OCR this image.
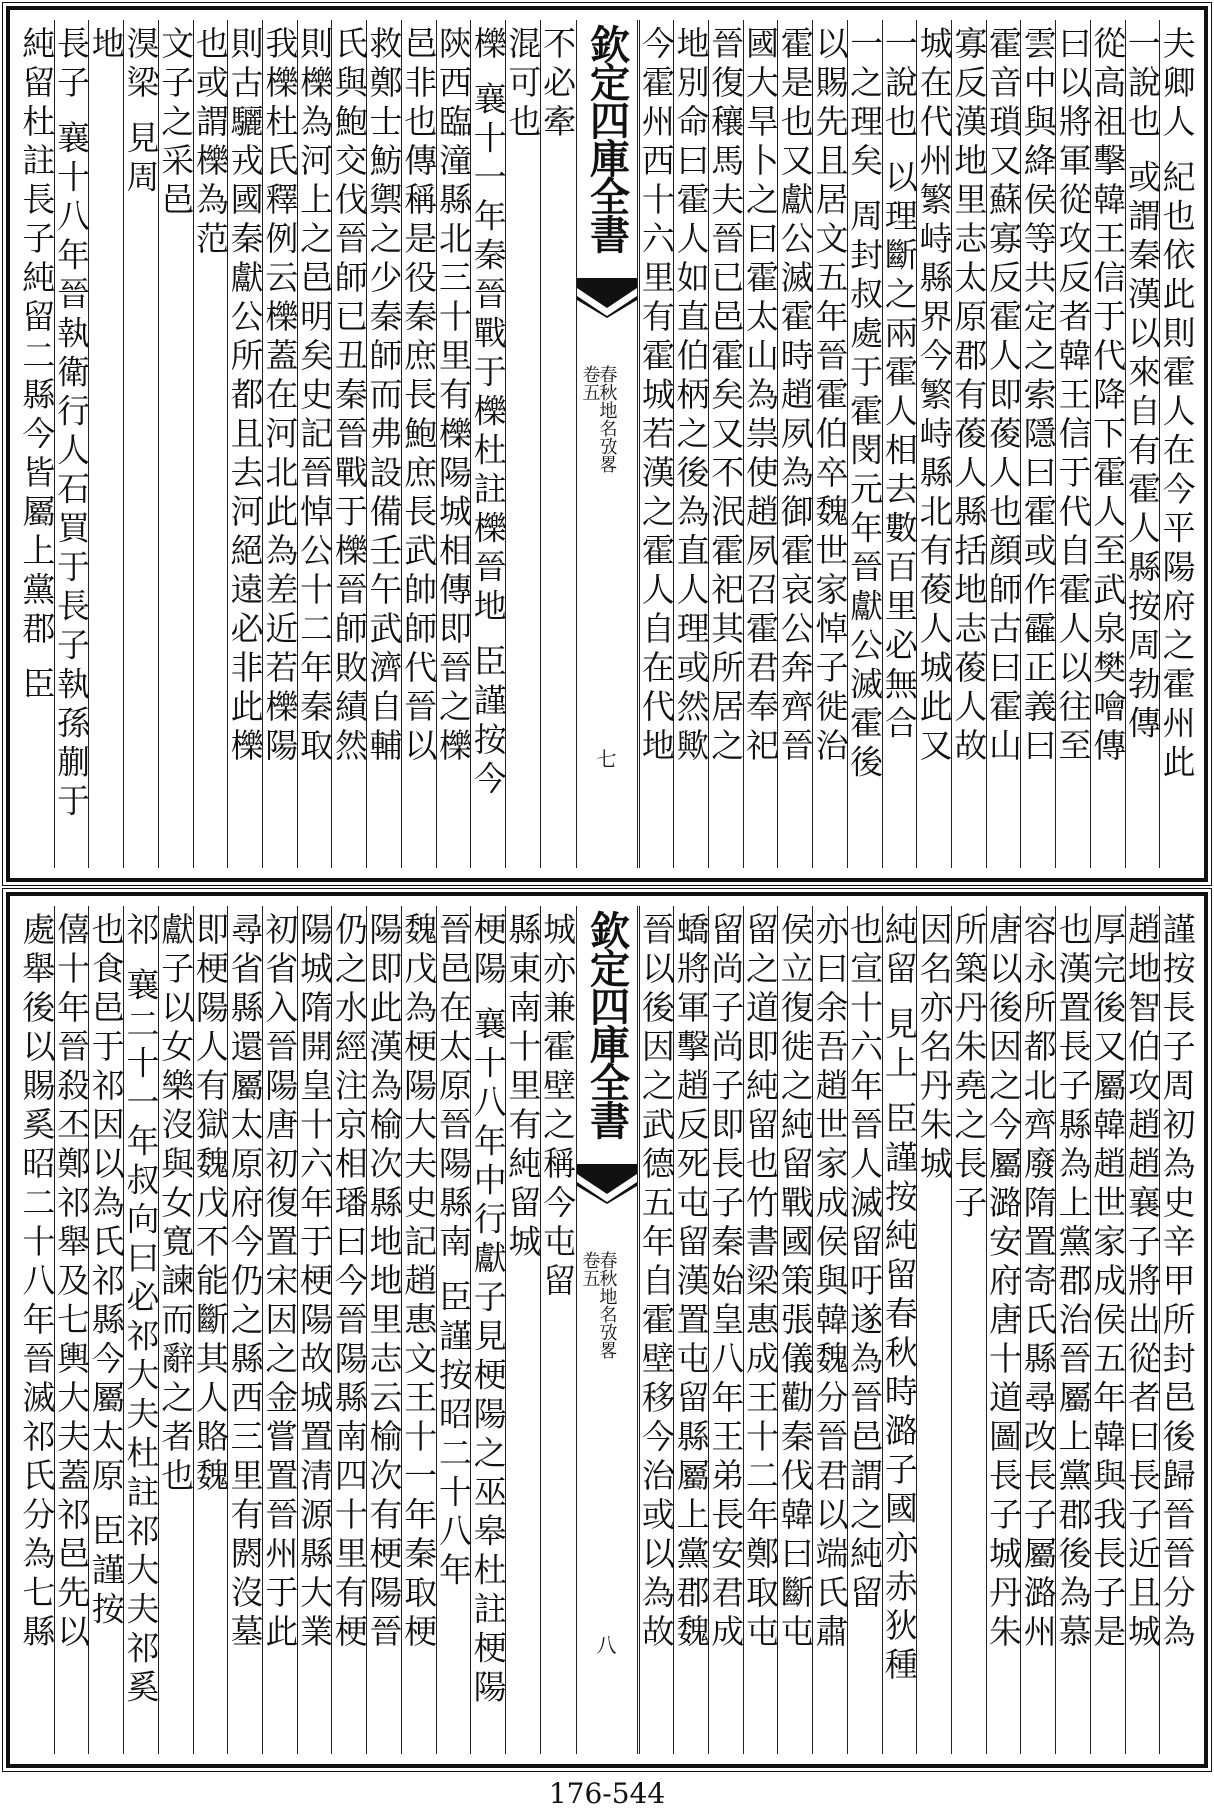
夫卿人 紀也依此則霍人在今平陽府之霍州此
一說也 或謂秦漢以來自有霍人縣按周勃傳
從高祖擊韓王信于代降下霍人至武泉樊噲傳
曰以將軍從攻反者韓王信于代自霍人以往至
雲中與絳侯等共定之索隱曰霍或作靃正義曰
霍音瑣又蘇寡反霍人即葰人也顔師古曰霍山
寡反漢地里志太原郡有葰人縣括地志葰人故
城在代州繁峙縣界今繁峙縣北有葰人城此又
一說也 以理斷之兩霍人相去數百里必無合
一之理矣 周封叔處于霍閔元年晉獻公滅霍後
以賜先且居文五年晉霍伯卒魏世家悼子徙治
霍是也又獻公滅霍時趙夙為御霍哀公奔齊晉
國大旱卜之曰霍太山為祟使趙夙召霍君奉祀
晉復穰馬夫晉已邑霍矣又不泯霍祀其所居之
地別命曰霍人如直伯柄之後為直人理或然歟
今霍州西十六里有霍城若漢之霍人自在代地
欽定四庫全書
春秋地名攷畧
卷五
七
不必牽
混可也
櫟 襄十一年秦晉戰于櫟杜註櫟晉地 臣謹按今
陝西臨潼縣北三十里有櫟陽城相傳即晉之櫟
邑非也傳稱是役秦庶長鮑庶長武帥師代晉以
救鄭士魴禦之少秦師而弗設備壬午武濟自輔
氏與鮑交伐晉師已丑秦晉戰于櫟晉師敗績然
則櫟為河上之邑明矣史記晉悼公十二年秦取
我櫟杜氏釋例云櫟蓋在河北此為差近若櫟陽
則古驪戎國秦獻公所都且去河絕遠必非此櫟
也或謂櫟為范
文子之采邑
湨梁 見周
地
長子 襄十八年晉執衛行人石買于長子執孫蒯于
純留杜註長子純留二縣今皆屬上黨郡 臣
謹按長子周初為史辛甲所封邑後歸晉晉分為
趙地智伯攻趙趙襄子將出從者曰長子近且城
厚完後又屬韓趙世家成侯五年韓與我長子是
也漢置長子縣為上黨郡治晉屬上黨郡後為慕
容永所都北齊廢隋置寄氏縣尋改長子屬潞州
唐以後因之今屬潞安府唐十道圖長子城丹朱
所築丹朱堯之長子
因名亦名丹朱城
純留 見上 臣謹按純留春秋時潞子國亦赤狄種
也宣十六年晉人滅留吁遂為晉邑謂之純留
亦曰余吾趙世家成侯與韓魏分晉君以端氏肅
侯立復徙之純留戰國策張儀勸秦伐韓曰斷屯
留之道即純留也竹書梁惠成王十二年鄭取屯
留尚子尚子即長子秦始皇八年王弟長安君成
蟜將軍擊趙反死屯留漢置屯留縣屬上黨郡魏
晉以後因之武德五年自霍壁移今治或以為故
欽定四庫全書
春秋地名攷畧
卷五
八
城亦兼霍壁之稱今屯留
縣東南十里有純留城
梗陽 襄十八年中行獻子見梗陽之巫皋杜註梗陽
晉邑在太原晉陽縣南 臣謹按昭二十八年
魏戊為梗陽大夫史記趙惠文王十一年秦取梗
陽即此漢為榆次縣地地里志云榆次有梗陽晉
仍之水經注京相璠曰今晉陽縣南四十里有梗
陽城隋開皇十六年于梗陽故城置清源縣大業
初省入晉陽唐初復置宋因之金嘗置晉州于此
尋省縣還屬太原府今仍之縣西三里有閼沒墓
即梗陽人有獄魏戊不能斷其人賂魏
獻子以女樂沒與女寬諫而辭之者也
祁 襄二十一年叔向曰必祁大夫杜註祁大夫祁奚
也食邑于祁因以為氏祁縣今屬太原 臣謹按
僖十年晉殺丕鄭祁舉及七輿大夫蓋祁邑先以
處舉後以賜奚昭二十八年晉滅祁氏分為七縣
176-544
